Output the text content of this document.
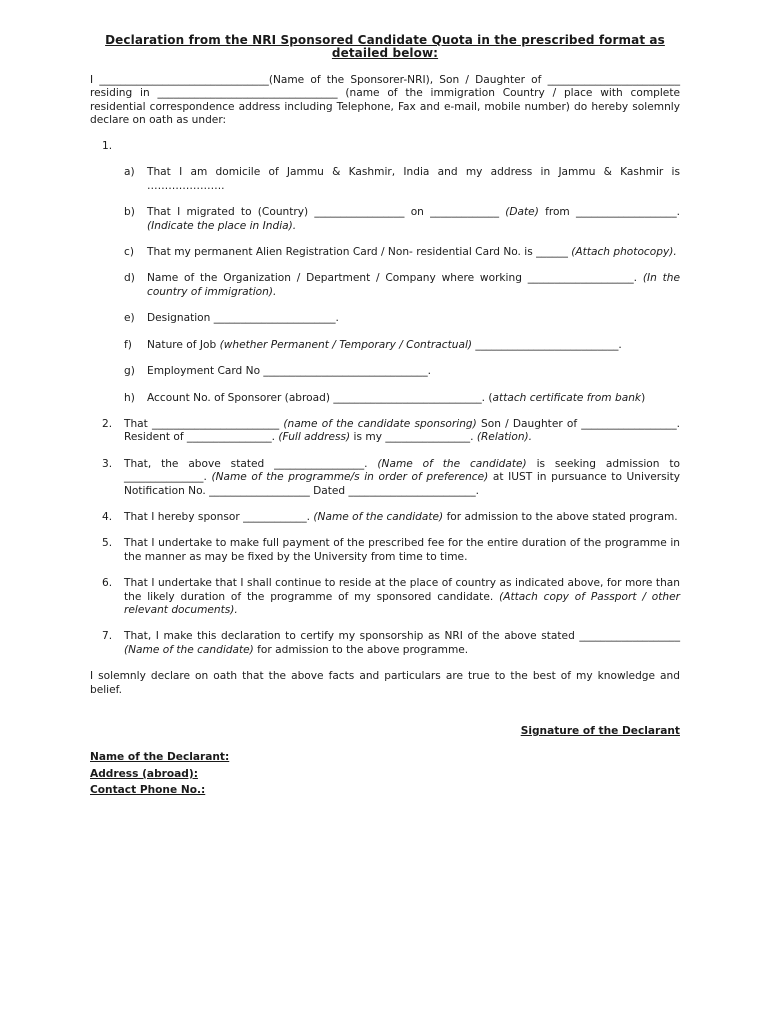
Declaration from the NRI Sponsored Candidate Quota in the prescribed format as detailed below:
I ________________________________(Name of the Sponsorer-NRI), Son / Daughter of _________________________ residing in __________________________________ (name of the immigration Country / place with complete residential correspondence address including Telephone, Fax and e-mail, mobile number) do hereby solemnly declare on oath as under:
1.
a) That I am domicile of Jammu & Kashmir, India and my address in Jammu & Kashmir is ………………….
b) That I migrated to (Country) _________________ on _____________ (Date) from ___________________. (Indicate the place in India).
c) That my permanent Alien Registration Card / Non- residential Card No. is ______ (Attach photocopy).
d) Name of the Organization / Department / Company where working ____________________. (In the country of immigration).
e) Designation _______________________.
f) Nature of Job (whether Permanent / Temporary / Contractual) ___________________________.
g) Employment Card No _______________________________.
h) Account No. of Sponsorer (abroad) ____________________________. (attach certificate from bank)
2. That ________________________ (name of the candidate sponsoring) Son / Daughter of __________________. Resident of ________________. (Full address) is my ________________. (Relation).
3. That, the above stated _________________. (Name of the candidate) is seeking admission to _______________. (Name of the programme/s in order of preference) at IUST in pursuance to University Notification No. ___________________ Dated ________________________.
4. That I hereby sponsor ____________. (Name of the candidate) for admission to the above stated program.
5. That I undertake to make full payment of the prescribed fee for the entire duration of the programme in the manner as may be fixed by the University from time to time.
6. That I undertake that I shall continue to reside at the place of country as indicated above, for more than the likely duration of the programme of my sponsored candidate. (Attach copy of Passport / other relevant documents).
7. That, I make this declaration to certify my sponsorship as NRI of the above stated ___________________ (Name of the candidate) for admission to the above programme.
I solemnly declare on oath that the above facts and particulars are true to the best of my knowledge and belief.
Signature of the Declarant
Name of the Declarant:
Address (abroad):
Contact Phone No.:
